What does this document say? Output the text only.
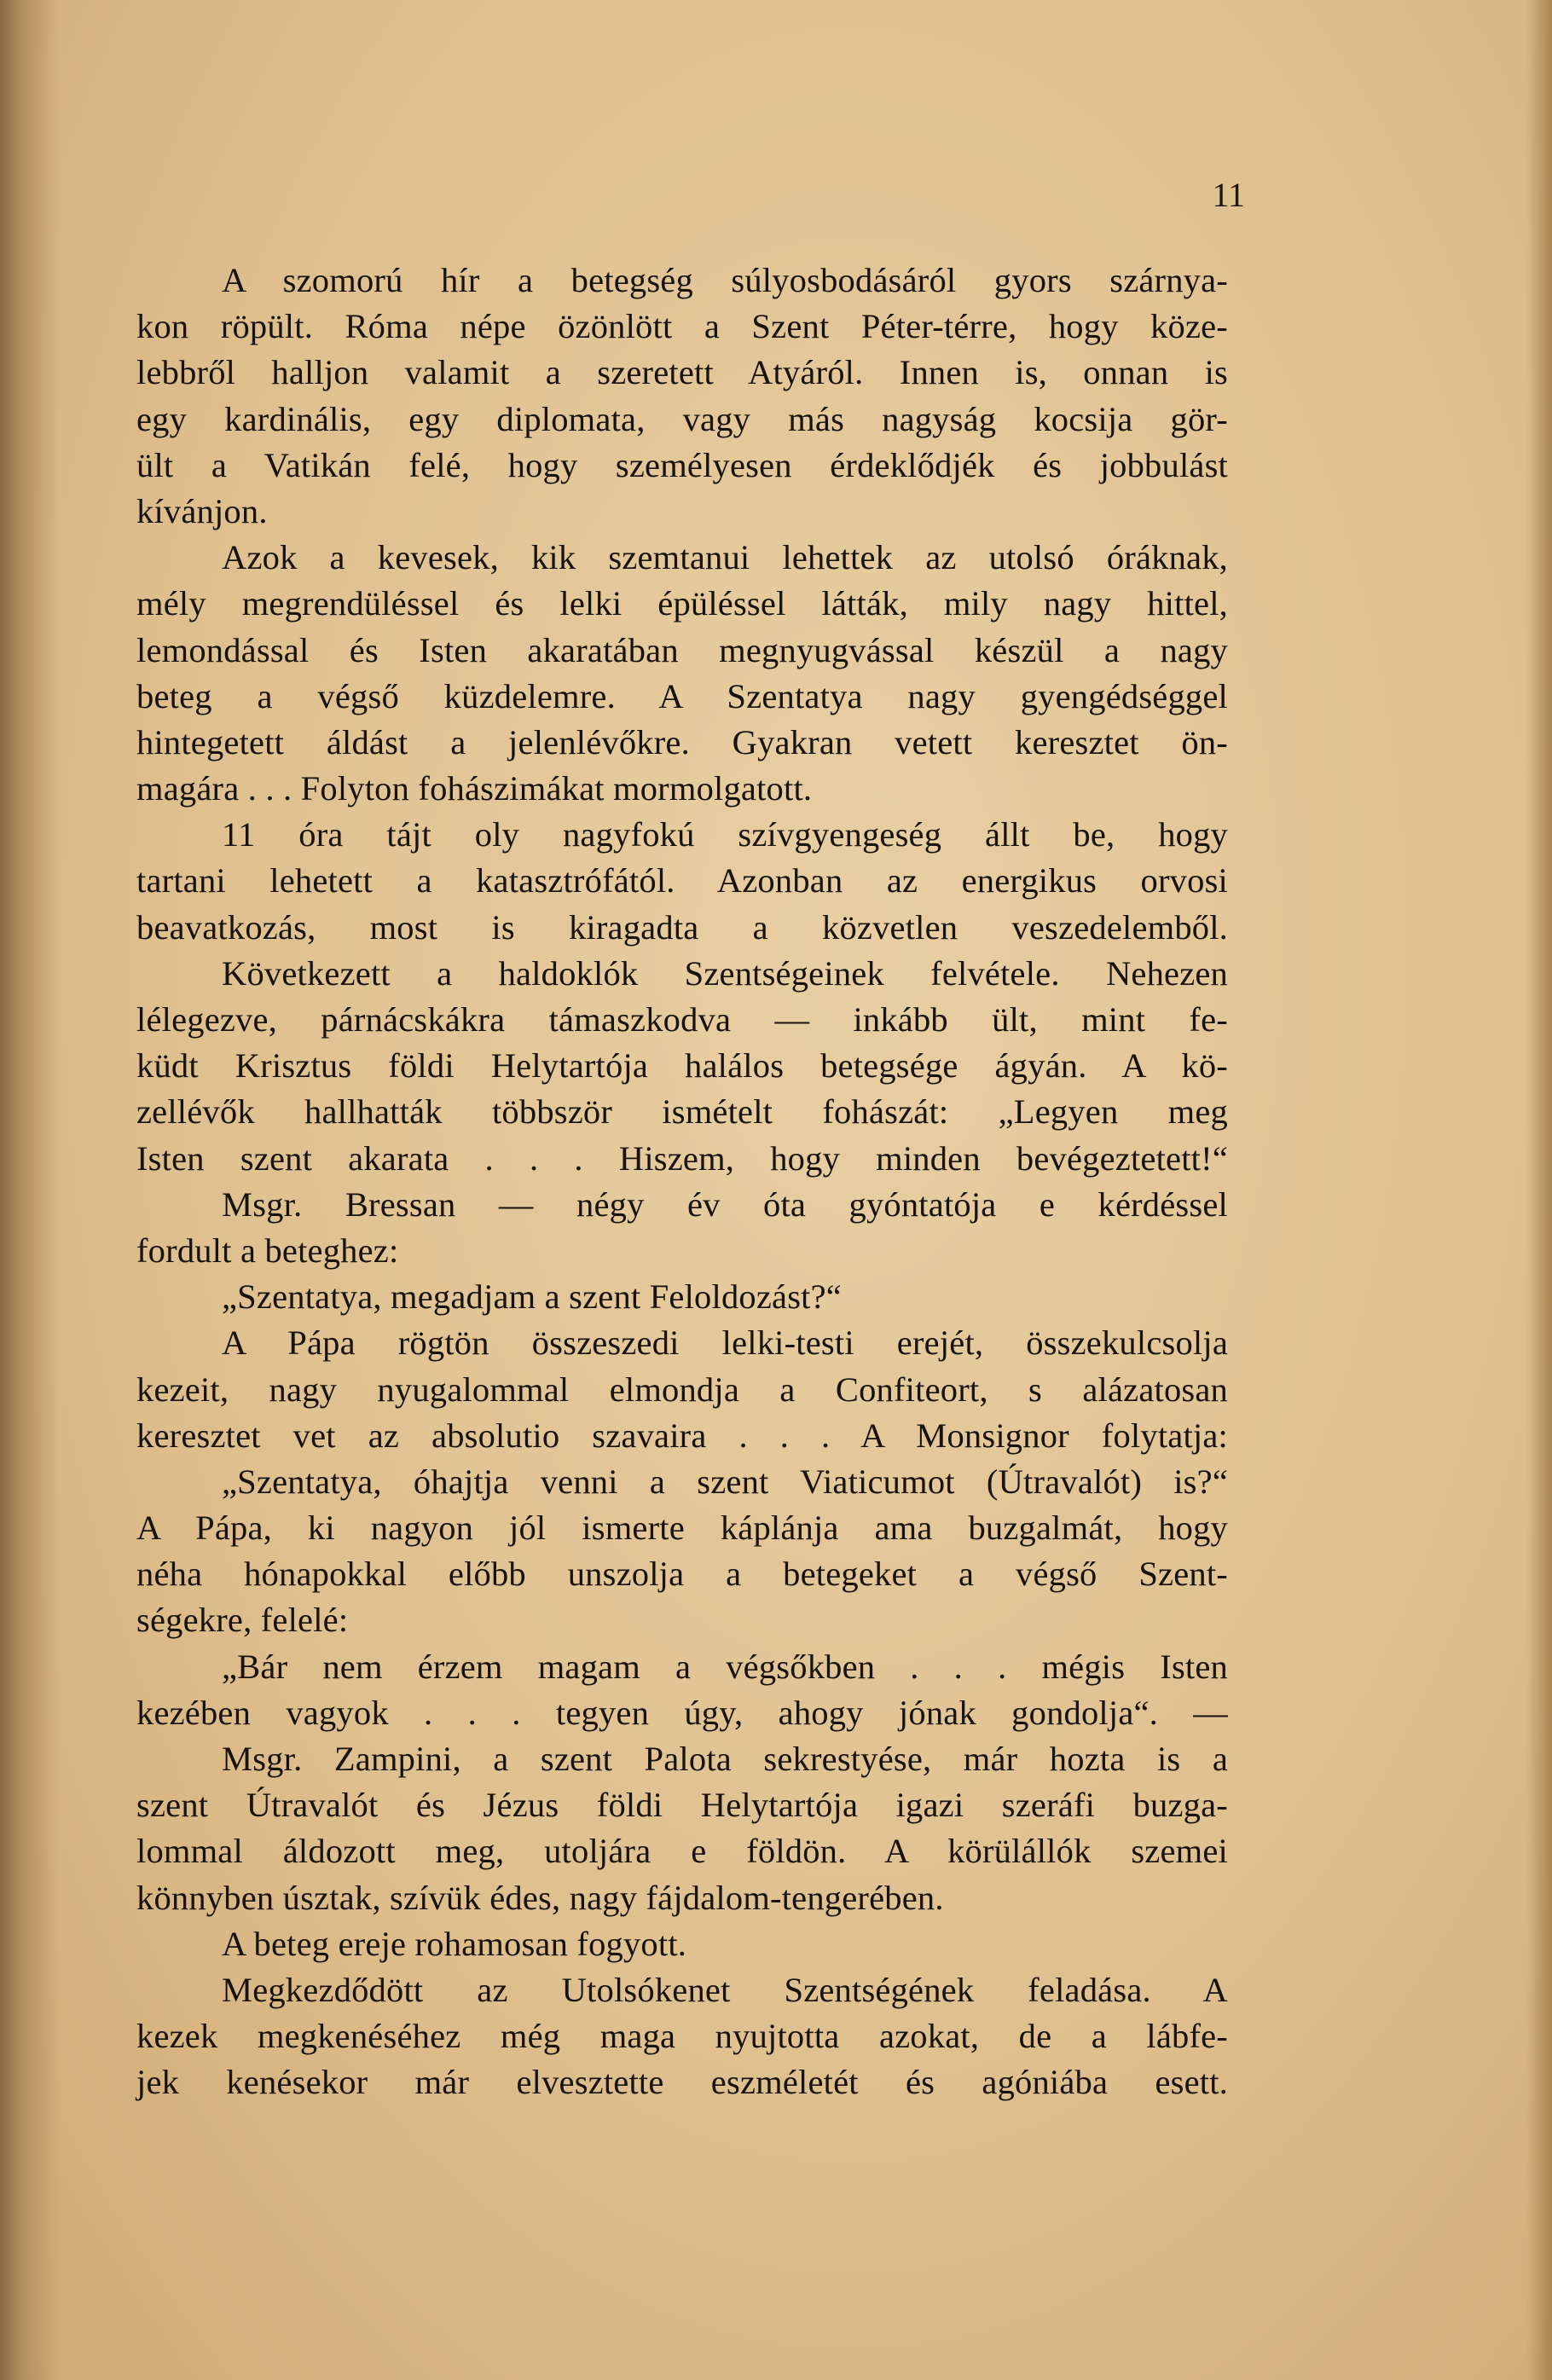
11
A szomorú hír a betegség súlyosbodásáról gyors szárnya-
kon röpült. Róma népe özönlött a Szent Péter-térre, hogy köze-
lebbről halljon valamit a szeretett Atyáról. Innen is, onnan is
egy kardinális, egy diplomata, vagy más nagyság kocsija gör-
ült a Vatikán felé, hogy személyesen érdeklődjék és jobbulást
kívánjon.
Azok a kevesek, kik szemtanui lehettek az utolsó óráknak,
mély megrendüléssel és lelki épüléssel látták, mily nagy hittel,
lemondással és Isten akaratában megnyugvással készül a nagy
beteg a végső küzdelemre. A Szentatya nagy gyengédséggel
hintegetett áldást a jelenlévőkre. Gyakran vetett keresztet ön-
magára . . . Folyton fohászimákat mormolgatott.
11 óra tájt oly nagyfokú szívgyengeség állt be, hogy
tartani lehetett a katasztrófától. Azonban az energikus orvosi
beavatkozás, most is kiragadta a közvetlen veszedelemből.
Következett a haldoklók Szentségeinek felvétele. Nehezen
lélegezve, párnácskákra támaszkodva — inkább ült, mint fe-
küdt Krisztus földi Helytartója halálos betegsége ágyán. A kö-
zellévők hallhatták többször ismételt fohászát: „Legyen meg
Isten szent akarata . . . Hiszem, hogy minden bevégeztetett!“
Msgr. Bressan — négy év óta gyóntatója e kérdéssel
fordult a beteghez:
„Szentatya, megadjam a szent Feloldozást?“
A Pápa rögtön összeszedi lelki-testi erejét, összekulcsolja
kezeit, nagy nyugalommal elmondja a Confiteort, s alázatosan
keresztet vet az absolutio szavaira . . . A Monsignor folytatja:
„Szentatya, óhajtja venni a szent Viaticumot (Útravalót) is?“
A Pápa, ki nagyon jól ismerte káplánja ama buzgalmát, hogy
néha hónapokkal előbb unszolja a betegeket a végső Szent-
ségekre, felelé:
„Bár nem érzem magam a végsőkben . . . mégis Isten
kezében vagyok . . . tegyen úgy, ahogy jónak gondolja“. —
Msgr. Zampini, a szent Palota sekrestyése, már hozta is a
szent Útravalót és Jézus földi Helytartója igazi szeráfi buzga-
lommal áldozott meg, utoljára e földön. A körülállók szemei
könnyben úsztak, szívük édes, nagy fájdalom-tengerében.
A beteg ereje rohamosan fogyott.
Megkezdődött az Utolsókenet Szentségének feladása. A
kezek megkenéséhez még maga nyujtotta azokat, de a lábfe-
jek kenésekor már elvesztette eszméletét és agóniába esett.
